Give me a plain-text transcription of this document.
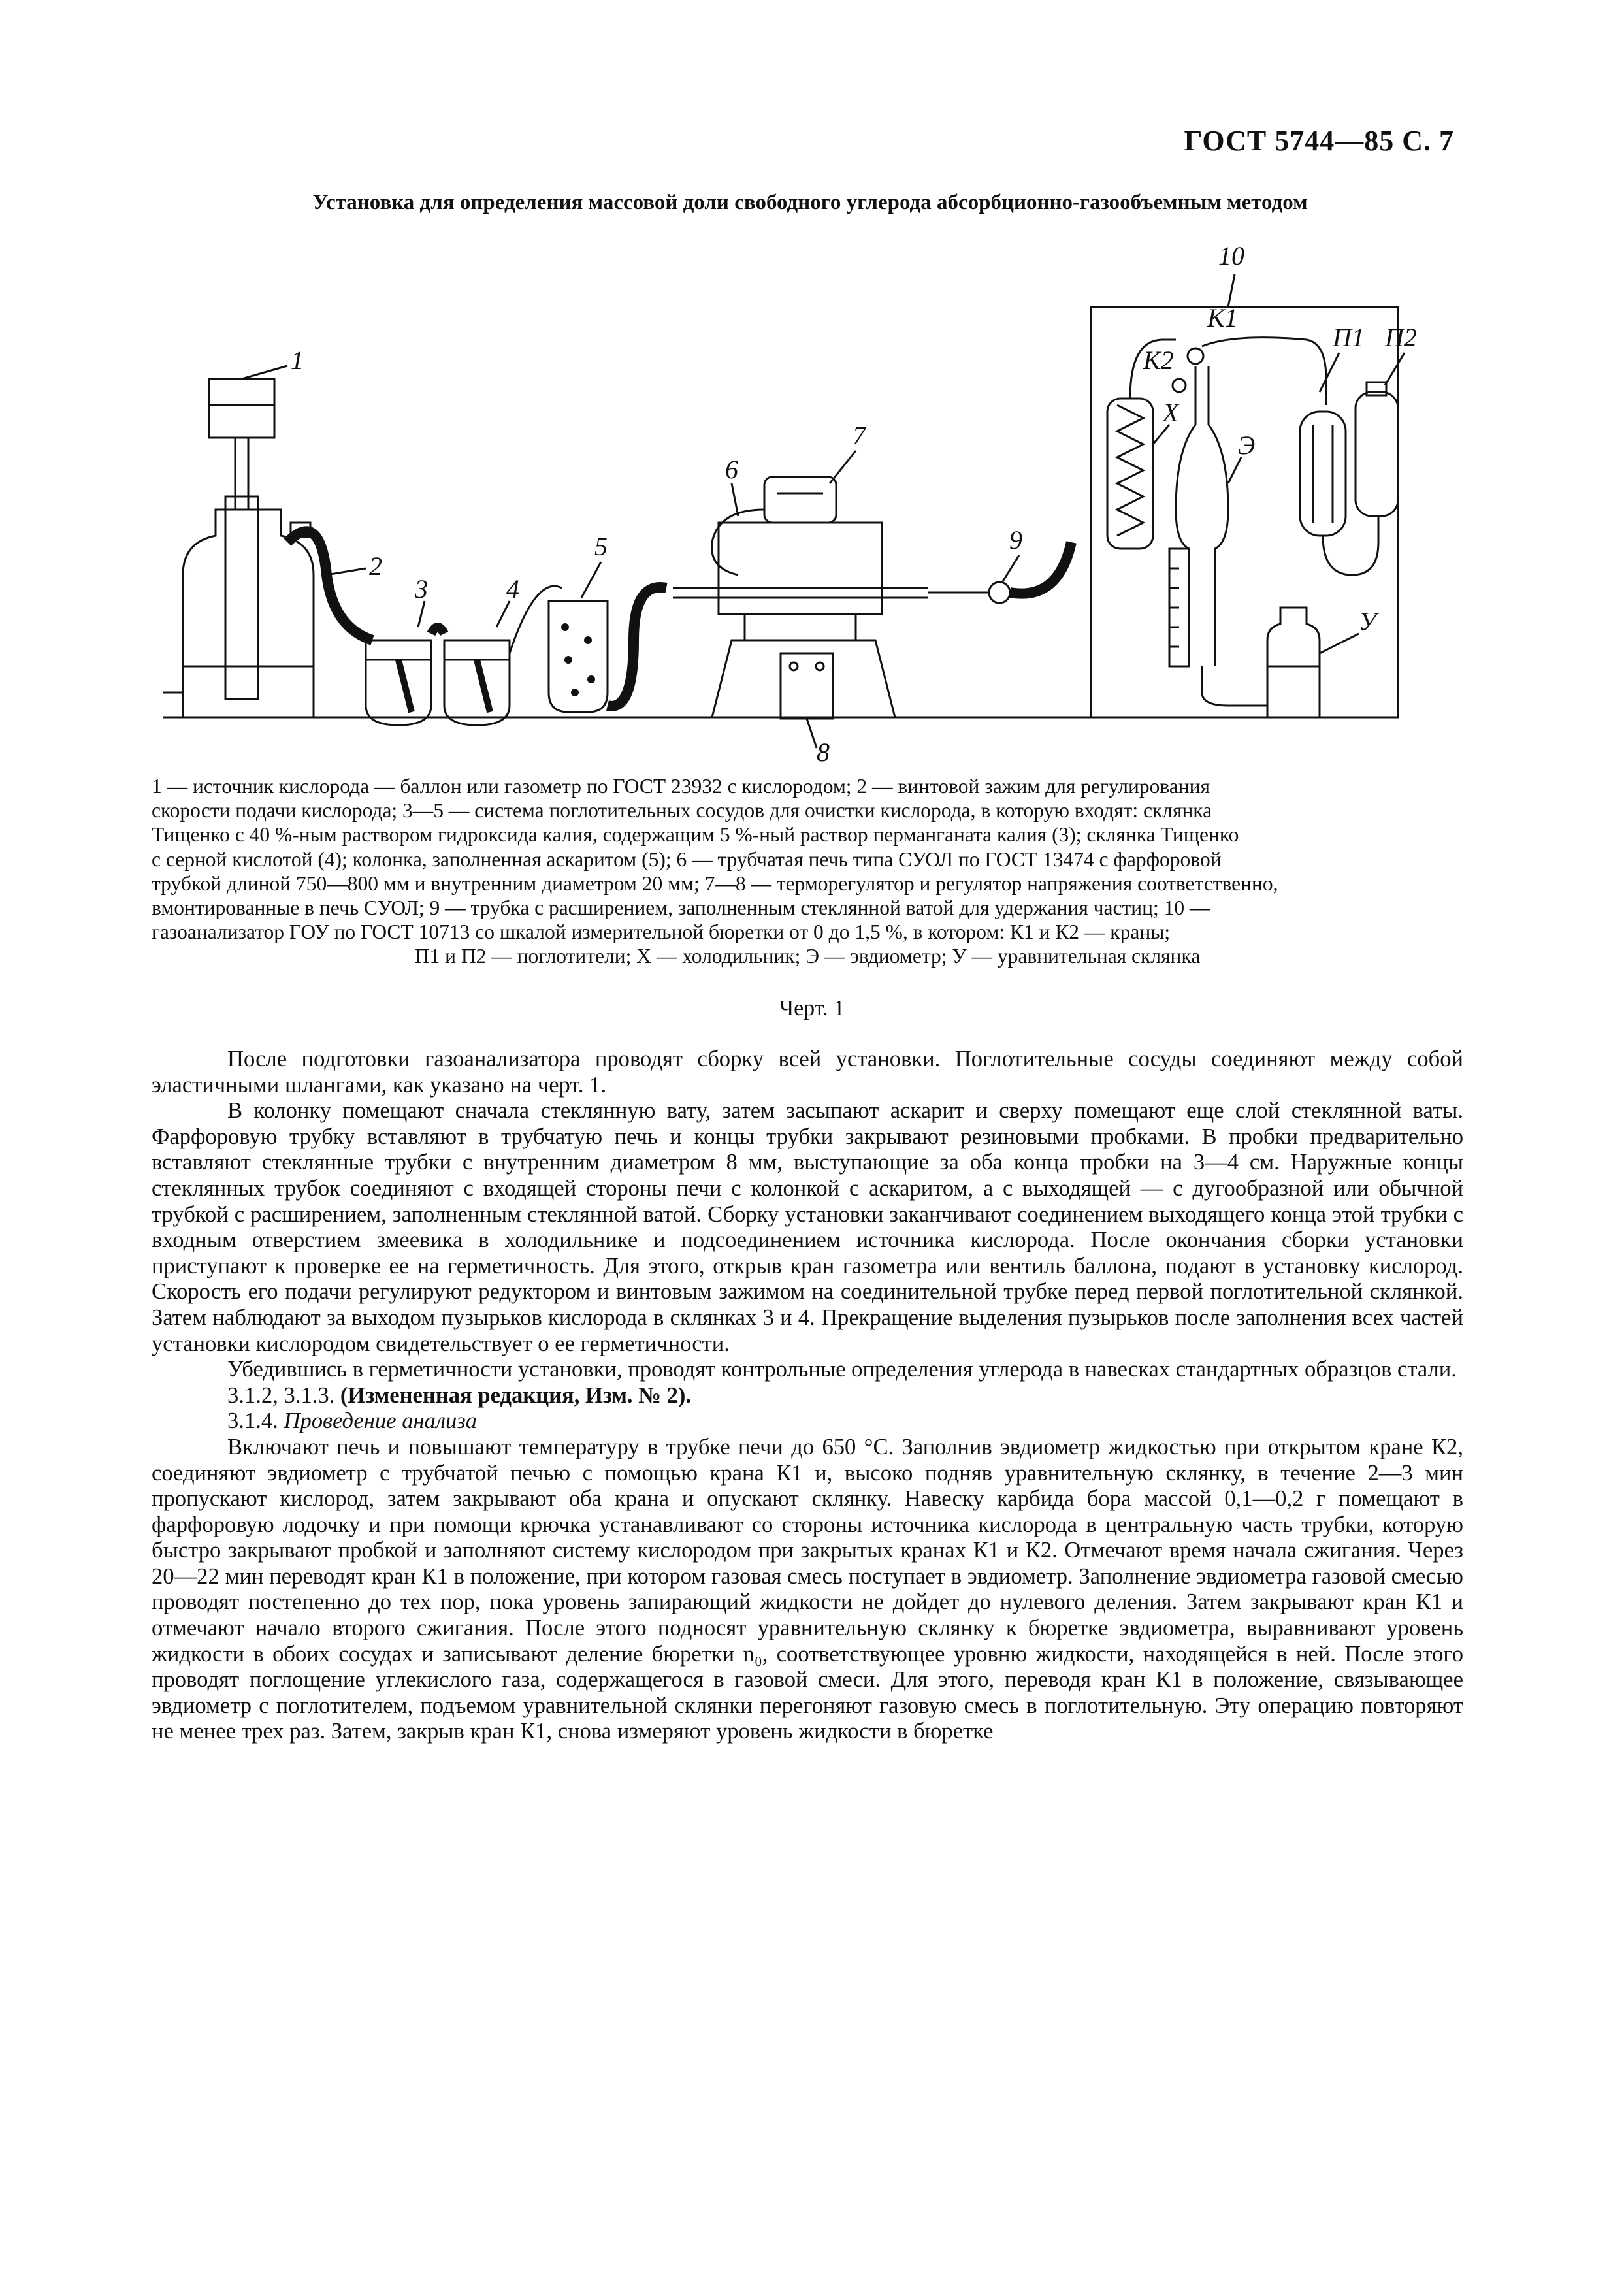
ГОСТ 5744—85 С. 7
Установка для определения массовой доли свободного углерода абсорбционно-газообъемным методом
1
2
3	4
5
6
7
8
9
10
К1
К2
П1 П2
Х
Э
У

1 — источник кислорода — баллон или газометр по ГОСТ 23932 с кислородом; 2 — винтовой зажим для регулирования

скорости подачи кислорода; 3—5 — система поглотительных сосудов для очистки кислорода, в которую входят: склянка

Тищенко с 40 %-ным раствором гидроксида калия, содержащим 5 %-ный раствор перманганата калия (3); склянка Тищенко

с серной кислотой (4); колонка, заполненная аскаритом (5); 6 — трубчатая печь типа СУОЛ по ГОСТ 13474 с фарфоровой

трубкой длиной 750—800 мм и внутренним диаметром 20 мм; 7—8 — терморегулятор и регулятор напряжения соответственно,

вмонтированные в печь СУОЛ; 9 — трубка с расширением, заполненным стеклянной ватой для удержания частиц; 10 —

газоанализатор ГОУ по ГОСТ 10713 со шкалой измерительной бюретки от 0 до 1,5 %, в котором: К1 и К2 — краны;

П1 и П2 — поглотители; Х — холодильник; Э — эвдиометр; У — уравнительная склянка

Черт. 1

После подготовки газоанализатора проводят сборку всей установки. Поглотительные сосуды соединяют между собой эластичными шлангами, как указано на черт. 1.

В колонку помещают сначала стеклянную вату, затем засыпают аскарит и сверху помещают еще слой стеклянной ваты. Фарфоровую трубку вставляют в трубчатую печь и концы трубки закрывают резиновыми пробками. В пробки предварительно вставляют стеклянные трубки с внутренним диаметром 8 мм, выступающие за оба конца пробки на 3—4 см. Наружные концы стеклянных трубок соединяют с входящей стороны печи с колонкой с аскаритом, а с выходящей — с дугообразной или обычной трубкой с расширением, заполненным стеклянной ватой. Сборку установки заканчивают соединением выходящего конца этой трубки с входным отверстием змеевика в холодильнике и подсоединением источника кислорода. После окончания сборки установки приступают к проверке ее на герметичность. Для этого, открыв кран газометра или вентиль баллона, подают в установку кислород. Скорость его подачи регулируют редуктором и винтовым зажимом на соединительной трубке перед первой поглотительной склянкой. Затем наблюдают за выходом пузырьков кислорода в склянках 3 и 4. Прекращение выделения пузырьков после заполнения всех частей установки кислородом свидетельствует о ее герметичности.

Убедившись в герметичности установки, проводят контрольные определения углерода в навесках стандартных образцов стали.

3.1.2, 3.1.3. (Измененная редакция, Изм. № 2).

3.1.4. Проведение анализа

Включают печь и повышают температуру в трубке печи до 650 °С. Заполнив эвдиометр жидкостью при открытом кране К2, соединяют эвдиометр с трубчатой печью с помощью крана К1 и, высоко подняв уравнительную склянку, в течение 2—3 мин пропускают кислород, затем закрывают оба крана и опускают склянку. Навеску карбида бора массой 0,1—0,2 г помещают в фарфоровую лодочку и при помощи крючка устанавливают со стороны источника кислорода в центральную часть трубки, которую быстро закрывают пробкой и заполняют систему кислородом при закрытых кранах К1 и К2. Отмечают время начала сжигания. Через 20—22 мин переводят кран К1 в положение, при котором газовая смесь поступает в эвдиометр. Заполнение эвдиометра газовой смесью проводят постепенно до тех пор, пока уровень запирающий жидкости не дойдет до нулевого деления. Затем закрывают кран К1 и отмечают начало второго сжигания. После этого подносят уравнительную склянку к бюретке эвдиометра, выравнивают уровень жидкости в обоих сосудах и записывают деление бюретки n₀, соответствующее уровню жидкости, находящейся в ней. После этого проводят поглощение углекислого газа, содержащегося в газовой смеси. Для этого, переводя кран К1 в положение, связывающее эвдиометр с поглотителем, подъемом уравнительной склянки перегоняют газовую смесь в поглотительную. Эту операцию повторяют не менее трех раз. Затем, закрыв кран К1, снова измеряют уровень жидкости в бюретке
